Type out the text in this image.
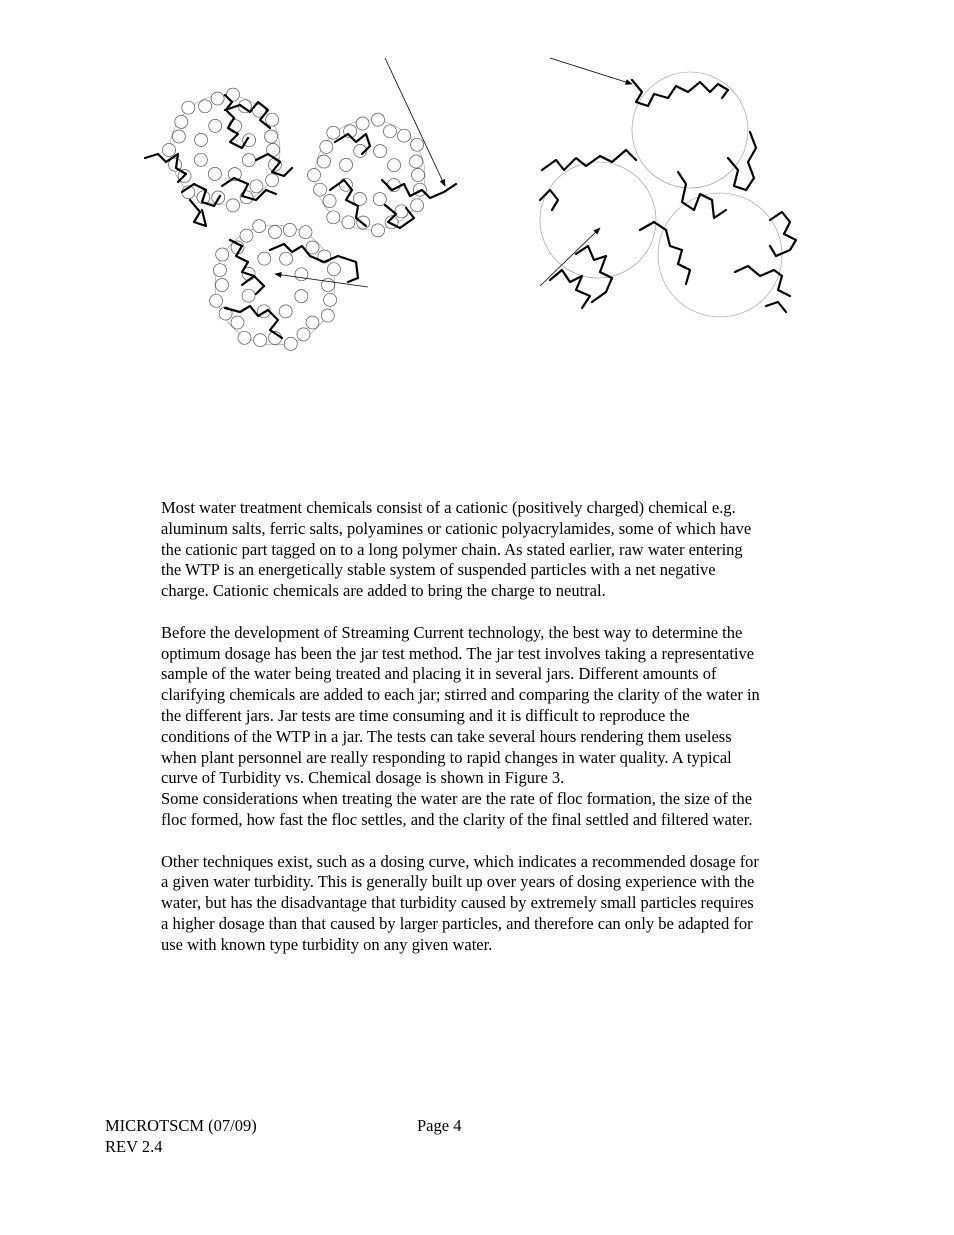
Most water treatment chemicals consist of a cationic (positively charged) chemical e.g.
aluminum salts, ferric salts, polyamines or cationic polyacrylamides, some of which have
the cationic part tagged on to a long polymer chain. As stated earlier, raw water entering
the WTP is an energetically stable system of suspended particles with a net negative
charge. Cationic chemicals are added to bring the charge to neutral.

Before the development of Streaming Current technology, the best way to determine the
optimum dosage has been the jar test method. The jar test involves taking a representative
sample of the water being treated and placing it in several jars. Different amounts of
clarifying chemicals are added to each jar; stirred and comparing the clarity of the water in
the different jars. Jar tests are time consuming and it is difficult to reproduce the
conditions of the WTP in a jar. The tests can take several hours rendering them useless
when plant personnel are really responding to rapid changes in water quality. A typical
curve of Turbidity vs. Chemical dosage is shown in Figure 3.

Some considerations when treating the water are the rate of floc formation, the size of the
floc formed, how fast the floc settles, and the clarity of the final settled and filtered water.

Other techniques exist, such as a dosing curve, which indicates a recommended dosage for
a given water turbidity. This is generally built up over years of dosing experience with the
water, but has the disadvantage that turbidity caused by extremely small particles requires
a higher dosage than that caused by larger particles, and therefore can only be adapted for
use with known type turbidity on any given water.

MICROTSCM (07/09)
REV 2.4
Page 4
